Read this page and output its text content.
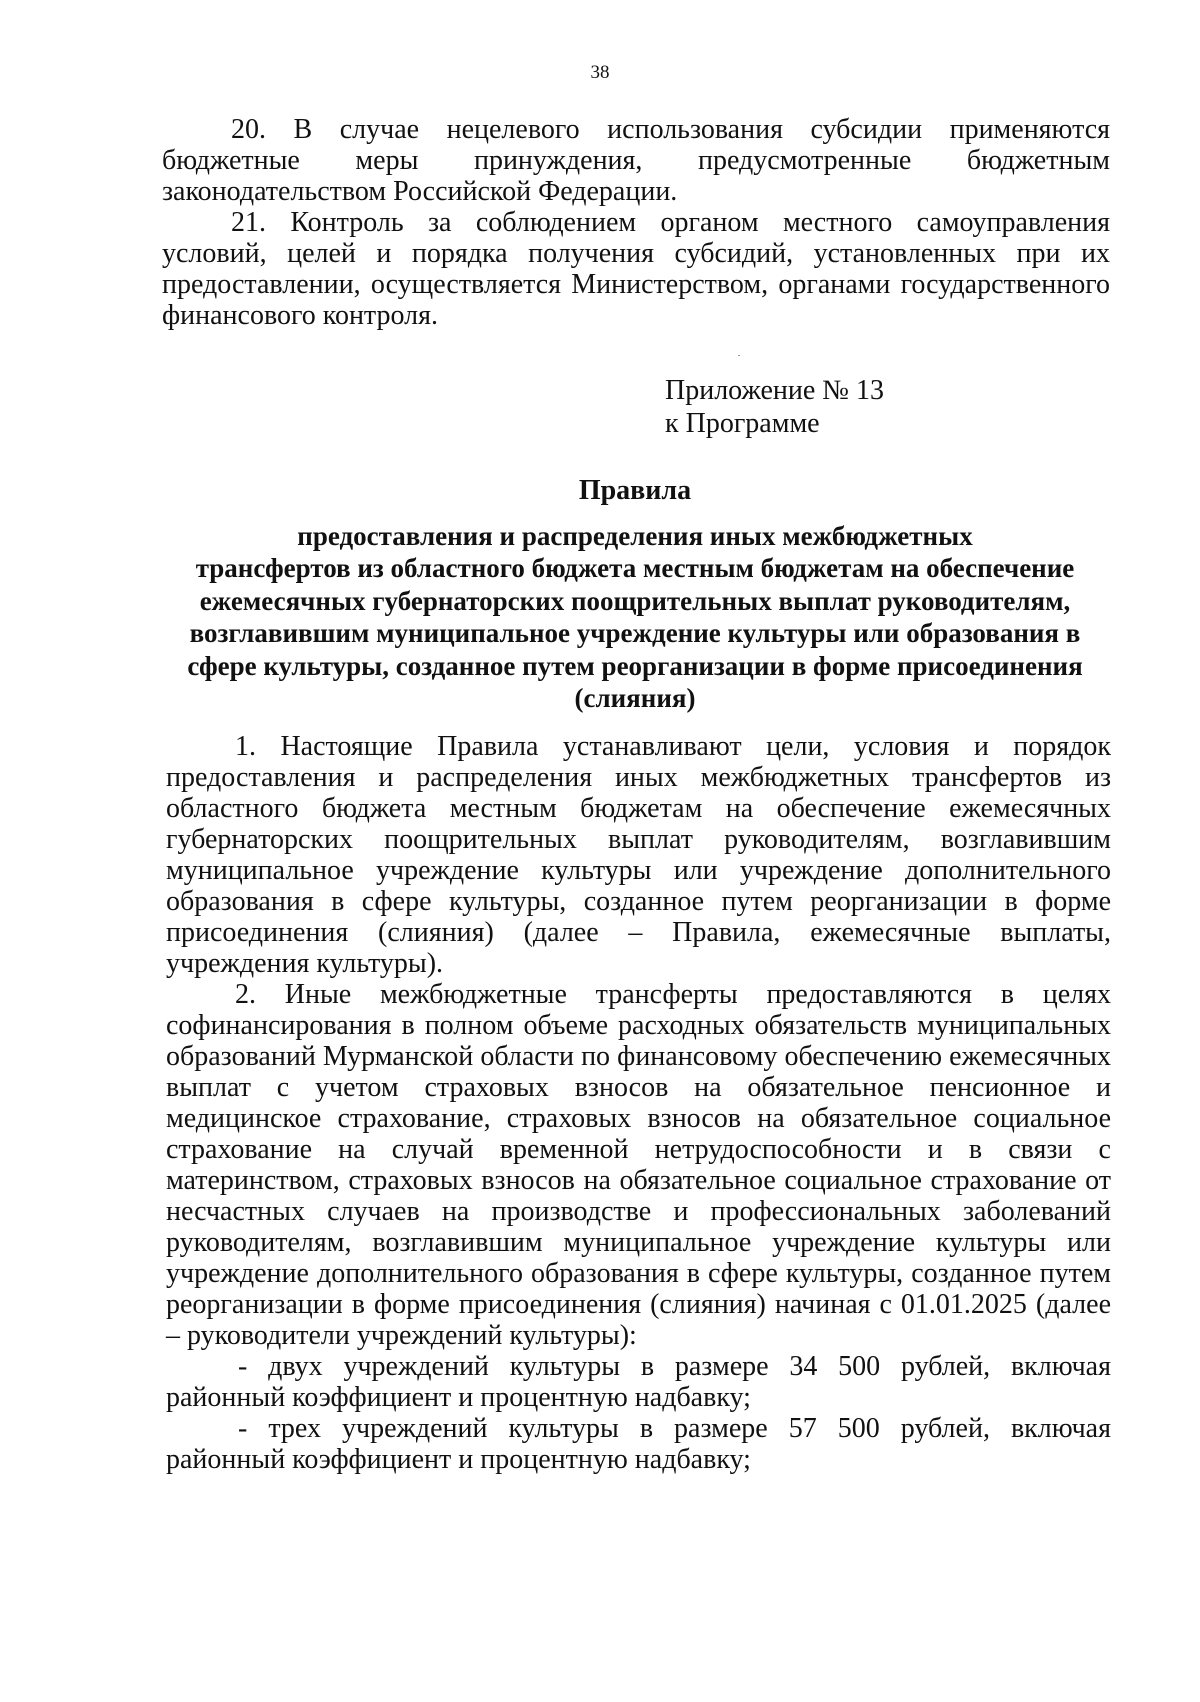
38

20. В случае нецелевого использования субсидии применяются бюджетные меры принуждения, предусмотренные бюджетным законодательством Российской Федерации.

21. Контроль за соблюдением органом местного самоуправления условий, целей и порядка получения субсидий, установленных при их предоставлении, осуществляется Министерством, органами государственного финансового контроля.

Приложение № 13
к Программе
Правила
предоставления и распределения иных межбюджетных
трансфертов из областного бюджета местным бюджетам на обеспечение
ежемесячных губернаторских поощрительных выплат руководителям,
возглавившим муниципальное учреждение культуры или образования в
сфере культуры, созданное путем реорганизации в форме присоединения
(слияния)

1. Настоящие Правила устанавливают цели, условия и порядок предоставления и распределения иных межбюджетных трансфертов из областного бюджета местным бюджетам на обеспечение ежемесячных губернаторских поощрительных выплат руководителям, возглавившим муниципальное учреждение культуры или учреждение дополнительного образования в сфере культуры, созданное путем реорганизации в форме присоединения (слияния) (далее – Правила, ежемесячные выплаты, учреждения культуры).

2. Иные межбюджетные трансферты предоставляются в целях софинансирования в полном объеме расходных обязательств муниципальных образований Мурманской области по финансовому обеспечению ежемесячных выплат с учетом страховых взносов на обязательное пенсионное и медицинское страхование, страховых взносов на обязательное социальное страхование на случай временной нетрудоспособности и в связи с материнством, страховых взносов на обязательное социальное страхование от несчастных случаев на производстве и профессиональных заболеваний руководителям, возглавившим муниципальное учреждение культуры или учреждение дополнительного образования в сфере культуры, созданное путем реорганизации в форме присоединения (слияния) начиная с 01.01.2025 (далее – руководители учреждений культуры):

- двух учреждений культуры в размере 34 500 рублей, включая районный коэффициент и процентную надбавку;

- трех учреждений культуры в размере 57 500 рублей, включая районный коэффициент и процентную надбавку;
